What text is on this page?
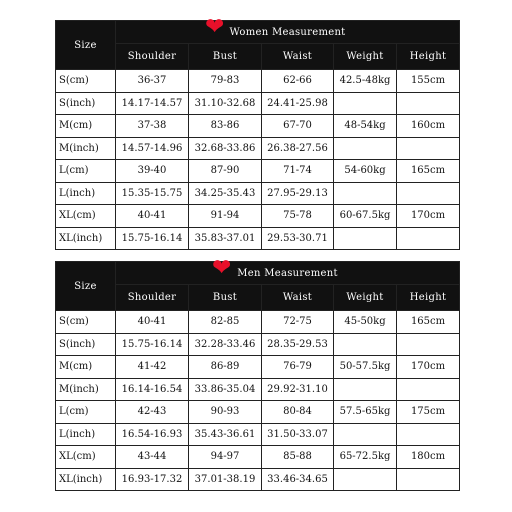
❤
Size	Women Measurement				
	Shoulder	Bust	Waist	Weight	Height
S(cm)	36-37	79-83	62-66	42.5-48kg	155cm
S(inch)	14.17-14.57	31.10-32.68	24.41-25.98		
M(cm)	37-38	83-86	67-70	48-54kg	160cm
M(inch)	14.57-14.96	32.68-33.86	26.38-27.56		
L(cm)	39-40	87-90	71-74	54-60kg	165cm
L(inch)	15.35-15.75	34.25-35.43	27.95-29.13		
XL(cm)	40-41	91-94	75-78	60-67.5kg	170cm
XL(inch)	15.75-16.14	35.83-37.01	29.53-30.71		
❤
Size	Men Measurement				
	Shoulder	Bust	Waist	Weight	Height
S(cm)	40-41	82-85	72-75	45-50kg	165cm
S(inch)	15.75-16.14	32.28-33.46	28.35-29.53		
M(cm)	41-42	86-89	76-79	50-57.5kg	170cm
M(inch)	16.14-16.54	33.86-35.04	29.92-31.10		
L(cm)	42-43	90-93	80-84	57.5-65kg	175cm
L(inch)	16.54-16.93	35.43-36.61	31.50-33.07		
XL(cm)	43-44	94-97	85-88	65-72.5kg	180cm
XL(inch)	16.93-17.32	37.01-38.19	33.46-34.65		
